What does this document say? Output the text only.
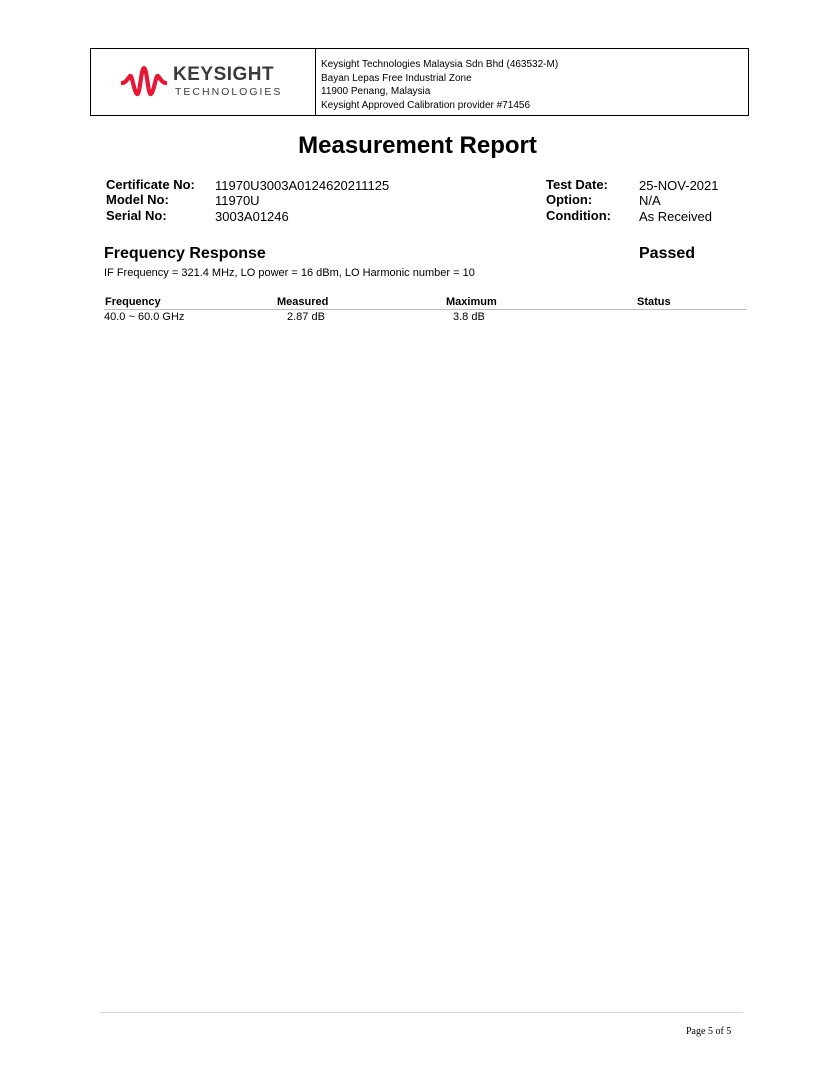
KEYSIGHT
TECHNOLOGIES
Keysight Technologies Malaysia Sdn Bhd (463532-M)
Bayan Lepas Free Industrial Zone
11900 Penang, Malaysia
Keysight Approved Calibration provider #71456
Measurement Report
Certificate No: 11970U3003A0124620211125
Model No:	11970U
Serial No:	3003A01246
Test Date: 25-NOV-2021
Option:	N/A
Condition: As Received
Frequency Response	Passed
IF Frequency = 321.4 MHz, LO power = 16 dBm, LO Harmonic number = 10
Frequency	Measured	Maximum	Status
40.0 ~ 60.0 GHz	2.87 dB	3.8 dB
Page 5 of 5
